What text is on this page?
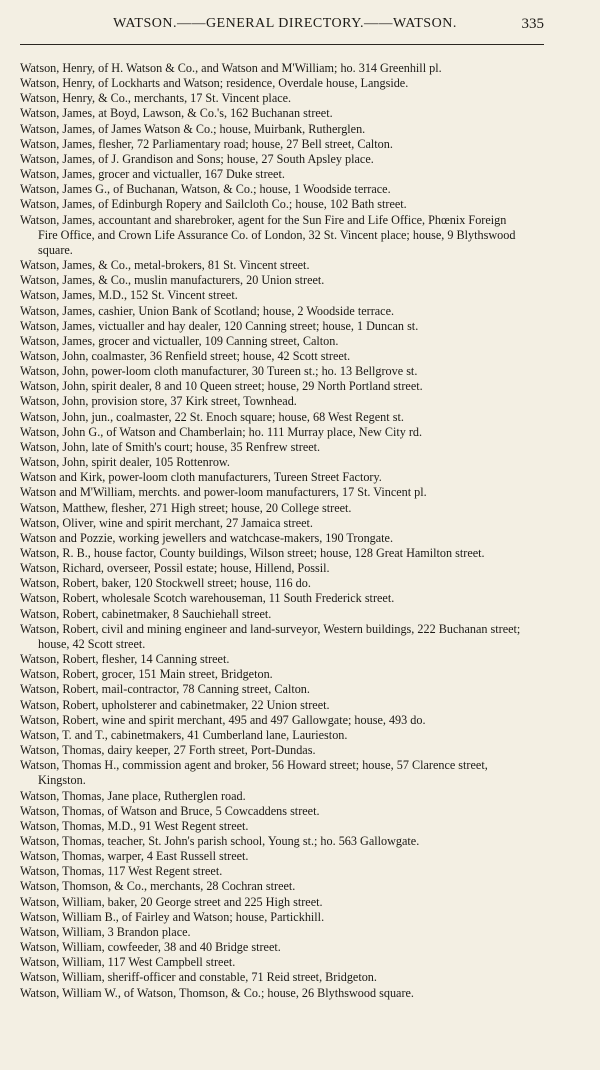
WATSON.——GENERAL DIRECTORY.——WATSON.	335
Watson, Henry, of H. Watson & Co., and Watson and M'William; ho. 314 Greenhill pl.
Watson, Henry, of Lockharts and Watson; residence, Overdale house, Langside.
Watson, Henry, & Co., merchants, 17 St. Vincent place.
Watson, James, at Boyd, Lawson, & Co.'s, 162 Buchanan street.
Watson, James, of James Watson & Co.; house, Muirbank, Rutherglen.
Watson, James, flesher, 72 Parliamentary road; house, 27 Bell street, Calton.
Watson, James, of J. Grandison and Sons; house, 27 South Apsley place.
Watson, James, grocer and victualler, 167 Duke street.
Watson, James G., of Buchanan, Watson, & Co.; house, 1 Woodside terrace.
Watson, James, of Edinburgh Ropery and Sailcloth Co.; house, 102 Bath street.
Watson, James, accountant and sharebroker, agent for the Sun Fire and Life Office, Phœnix Foreign Fire Office, and Crown Life Assurance Co. of London, 32 St. Vincent place; house, 9 Blythswood square.
Watson, James, & Co., metal-brokers, 81 St. Vincent street.
Watson, James, & Co., muslin manufacturers, 20 Union street.
Watson, James, M.D., 152 St. Vincent street.
Watson, James, cashier, Union Bank of Scotland; house, 2 Woodside terrace.
Watson, James, victualler and hay dealer, 120 Canning street; house, 1 Duncan st.
Watson, James, grocer and victualler, 109 Canning street, Calton.
Watson, John, coalmaster, 36 Renfield street; house, 42 Scott street.
Watson, John, power-loom cloth manufacturer, 30 Tureen st.; ho. 13 Bellgrove st.
Watson, John, spirit dealer, 8 and 10 Queen street; house, 29 North Portland street.
Watson, John, provision store, 37 Kirk street, Townhead.
Watson, John, jun., coalmaster, 22 St. Enoch square; house, 68 West Regent st.
Watson, John G., of Watson and Chamberlain; ho. 111 Murray place, New City rd.
Watson, John, late of Smith's court; house, 35 Renfrew street.
Watson, John, spirit dealer, 105 Rottenrow.
Watson and Kirk, power-loom cloth manufacturers, Tureen Street Factory.
Watson and M'William, merchts. and power-loom manufacturers, 17 St. Vincent pl.
Watson, Matthew, flesher, 271 High street; house, 20 College street.
Watson, Oliver, wine and spirit merchant, 27 Jamaica street.
Watson and Pozzie, working jewellers and watchcase-makers, 190 Trongate.
Watson, R. B., house factor, County buildings, Wilson street; house, 128 Great Hamilton street.
Watson, Richard, overseer, Possil estate; house, Hillend, Possil.
Watson, Robert, baker, 120 Stockwell street; house, 116 do.
Watson, Robert, wholesale Scotch warehouseman, 11 South Frederick street.
Watson, Robert, cabinetmaker, 8 Sauchiehall street.
Watson, Robert, civil and mining engineer and land-surveyor, Western buildings, 222 Buchanan street; house, 42 Scott street.
Watson, Robert, flesher, 14 Canning street.
Watson, Robert, grocer, 151 Main street, Bridgeton.
Watson, Robert, mail-contractor, 78 Canning street, Calton.
Watson, Robert, upholsterer and cabinetmaker, 22 Union street.
Watson, Robert, wine and spirit merchant, 495 and 497 Gallowgate; house, 493 do.
Watson, T. and T., cabinetmakers, 41 Cumberland lane, Laurieston.
Watson, Thomas, dairy keeper, 27 Forth street, Port-Dundas.
Watson, Thomas H., commission agent and broker, 56 Howard street; house, 57 Clarence street, Kingston.
Watson, Thomas, Jane place, Rutherglen road.
Watson, Thomas, of Watson and Bruce, 5 Cowcaddens street.
Watson, Thomas, M.D., 91 West Regent street.
Watson, Thomas, teacher, St. John's parish school, Young st.; ho. 563 Gallowgate.
Watson, Thomas, warper, 4 East Russell street.
Watson, Thomas, 117 West Regent street.
Watson, Thomson, & Co., merchants, 28 Cochran street.
Watson, William, baker, 20 George street and 225 High street.
Watson, William B., of Fairley and Watson; house, Partickhill.
Watson, William, 3 Brandon place.
Watson, William, cowfeeder, 38 and 40 Bridge street.
Watson, William, 117 West Campbell street.
Watson, William, sheriff-officer and constable, 71 Reid street, Bridgeton.
Watson, William W., of Watson, Thomson, & Co.; house, 26 Blythswood square.
